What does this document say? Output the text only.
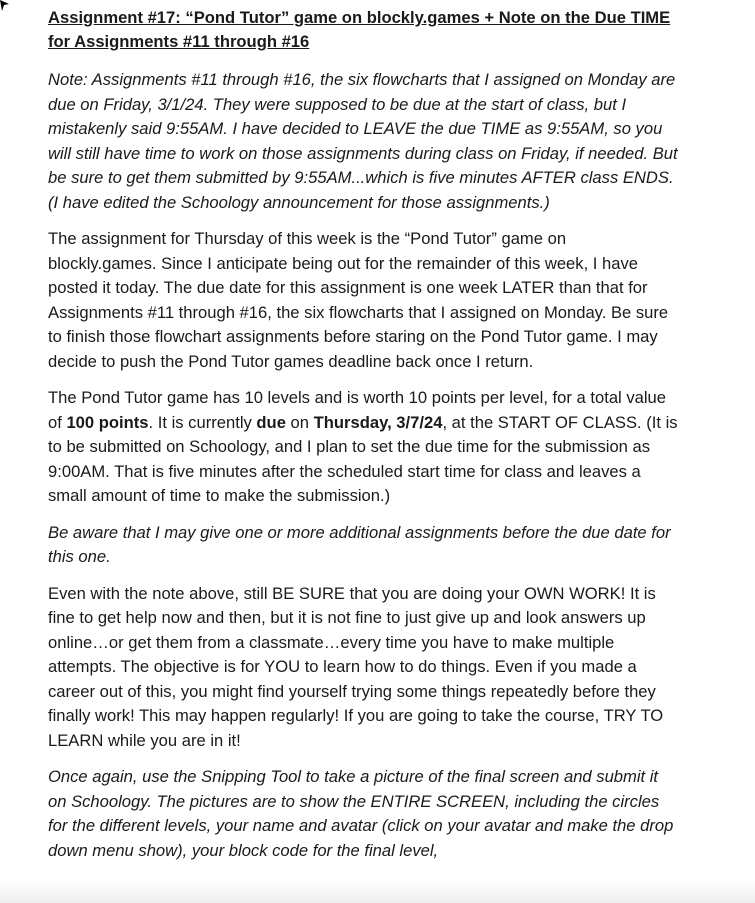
Assignment #17: “Pond Tutor” game on blockly.games + Note on the Due TIME for Assignments #11 through #16

Note: Assignments #11 through #16, the six flowcharts that I assigned on Monday are due on Friday, 3/1/24. They were supposed to be due at the start of class, but I mistakenly said 9:55AM. I have decided to LEAVE the due TIME as 9:55AM, so you will still have time to work on those assignments during class on Friday, if needed. But be sure to get them submitted by 9:55AM...which is five minutes AFTER class ENDS. (I have edited the Schoology announcement for those assignments.)

The assignment for Thursday of this week is the “Pond Tutor” game on blockly.games. Since I anticipate being out for the remainder of this week, I have posted it today. The due date for this assignment is one week LATER than that for Assignments #11 through #16, the six flowcharts that I assigned on Monday. Be sure to finish those flowchart assignments before staring on the Pond Tutor game. I may decide to push the Pond Tutor games deadline back once I return.

The Pond Tutor game has 10 levels and is worth 10 points per level, for a total value of 100 points. It is currently due on Thursday, 3/7/24, at the START OF CLASS. (It is to be submitted on Schoology, and I plan to set the due time for the submission as 9:00AM. That is five minutes after the scheduled start time for class and leaves a small amount of time to make the submission.)

Be aware that I may give one or more additional assignments before the due date for this one.

Even with the note above, still BE SURE that you are doing your OWN WORK! It is fine to get help now and then, but it is not fine to just give up and look answers up online…or get them from a classmate…every time you have to make multiple attempts. The objective is for YOU to learn how to do things. Even if you made a career out of this, you might find yourself trying some things repeatedly before they finally work! This may happen regularly! If you are going to take the course, TRY TO LEARN while you are in it!

Once again, use the Snipping Tool to take a picture of the final screen and submit it on Schoology. The pictures are to show the ENTIRE SCREEN, including the circles for the different levels, your name and avatar (click on your avatar and make the drop down menu show), your block code for the final level,
